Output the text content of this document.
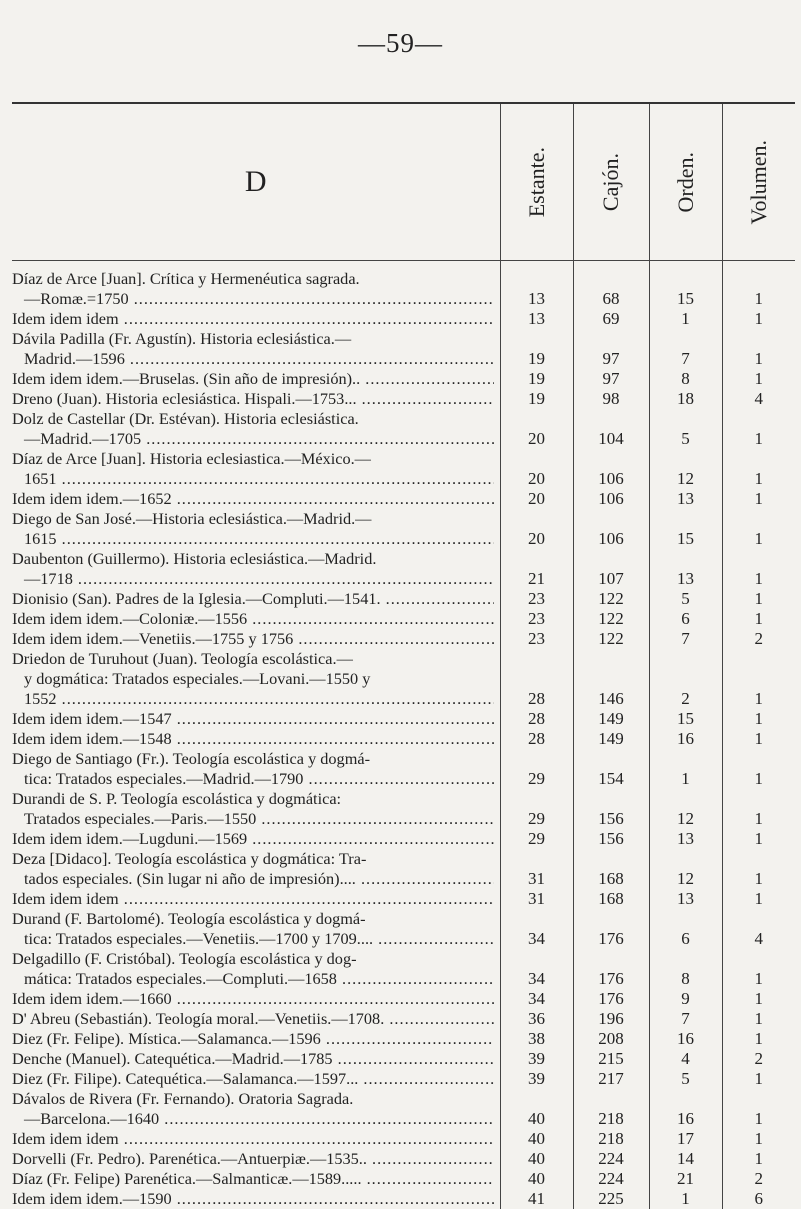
—59—
D	Estante.	Cajón.	Orden.	Volumen.

Díaz de Arce [Juan]. Crítica y Hermenéutica sagrada.
—Romæ.=1750 .....	13	68	15	1

Idem idem idem .....	13	69	1	1

Dávila Padilla (Fr. Agustín). Historia eclesiástica.—
Madrid.—1596 .....	19	97	7	1

Idem idem idem.—Bruselas. (Sin año de impresión).. .....	19	97	8	1

Dreno (Juan). Historia eclesiástica. Hispali.—1753... .....	19	98	18	4

Dolz de Castellar (Dr. Estévan). Historia eclesiástica.
—Madrid.—1705 .....	20	104	5	1

Díaz de Arce [Juan]. Historia eclesiastica.—México.—
1651 .....	20	106	12	1

Idem idem idem.—1652 .....	20	106	13	1

Diego de San José.—Historia eclesiástica.—Madrid.—
1615 .....	20	106	15	1

Daubenton (Guillermo). Historia eclesiástica.—Madrid.
—1718 .....	21	107	13	1

Dionisio (San). Padres de la Iglesia.—Compluti.—1541. .....	23	122	5	1

Idem idem idem.—Coloniæ.—1556 .....	23	122	6	1

Idem idem idem.—Venetiis.—1755 y 1756 .....	23	122	7	2

Driedon de Turuhout (Juan). Teología escolástica.—
y dogmática: Tratados especiales.—Lovani.—1550 y
1552 .....	28	146	2	1

Idem idem idem.—1547 .....	28	149	15	1

Idem idem idem.—1548 .....	28	149	16	1

Diego de Santiago (Fr.). Teología escolástica y dogmá-
tica: Tratados especiales.—Madrid.—1790 .....	29	154	1	1

Durandi de S. P. Teología escolástica y dogmática:
Tratados especiales.—Paris.—1550 .....	29	156	12	1

Idem idem idem.—Lugduni.—1569 .....	29	156	13	1

Deza [Didaco]. Teología escolástica y dogmática: Tra-
tados especiales. (Sin lugar ni año de impresión).... .....	31	168	12	1

Idem idem idem .....	31	168	13	1

Durand (F. Bartolomé). Teología escolástica y dogmá-
tica: Tratados especiales.—Venetiis.—1700 y 1709.... .....	34	176	6	4

Delgadillo (F. Cristóbal). Teología escolástica y dog-
mática: Tratados especiales.—Compluti.—1658 .....	34	176	8	1

Idem idem idem.—1660 .....	34	176	9	1

D' Abreu (Sebastián). Teología moral.—Venetiis.—1708. .....	36	196	7	1

Diez (Fr. Felipe). Mística.—Salamanca.—1596 .....	38	208	16	1

Denche (Manuel). Catequética.—Madrid.—1785 .....	39	215	4	2

Diez (Fr. Filipe). Catequética.—Salamanca.—1597... .....	39	217	5	1

Dávalos de Rivera (Fr. Fernando). Oratoria Sagrada.
—Barcelona.—1640 .....	40	218	16	1

Idem idem idem .....	40	218	17	1

Dorvelli (Fr. Pedro). Parenética.—Antuerpiæ.—1535.. .....	40	224	14	1

Díaz (Fr. Felipe) Parenética.—Salmanticæ.—1589..... .....	40	224	21	2

Idem idem idem.—1590 .....	41	225	1	6
